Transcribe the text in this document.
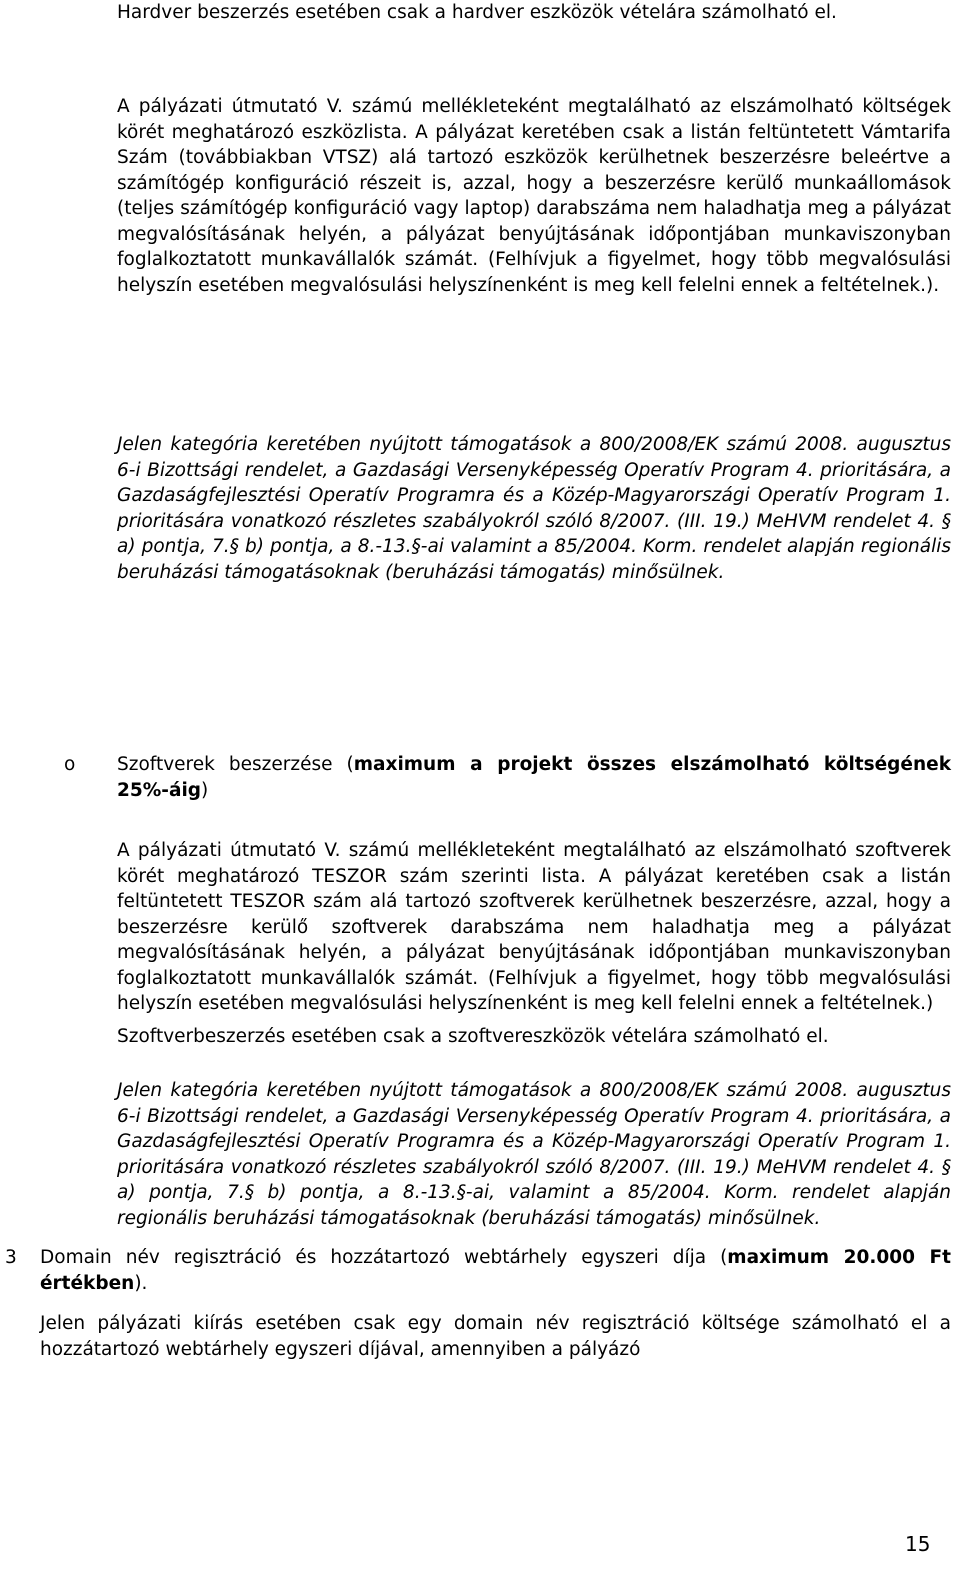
Hardver beszerzés esetében csak a hardver eszközök vételára számolható el.

A pályázati útmutató V. számú mellékleteként megtalálható az elszámolható költségek körét meghatározó eszközlista. A pályázat keretében csak a listán feltüntetett Vámtarifa Szám (továbbiakban VTSZ) alá tartozó eszközök kerülhetnek beszerzésre beleértve a számítógép konfiguráció részeit is, azzal, hogy a beszerzésre kerülő munkaállomások (teljes számítógép konfiguráció vagy laptop) darabszáma nem haladhatja meg a pályázat megvalósításának helyén, a pályázat benyújtásának időpontjában munkaviszonyban foglalkoztatott munkavállalók számát. (Felhívjuk a figyelmet, hogy több megvalósulási helyszín esetében megvalósulási helyszínenként is meg kell felelni ennek a feltételnek.).

Jelen kategória keretében nyújtott támogatások a 800/2008/EK számú 2008. augusztus 6-i Bizottsági rendelet, a Gazdasági Versenyképesség Operatív Program 4. prioritására, a Gazdaságfejlesztési Operatív Programra és a Közép-Magyarországi Operatív Program 1. prioritására vonatkozó részletes szabályokról szóló 8/2007. (III. 19.) MeHVM rendelet 4. § a) pontja, 7.§ b) pontja, a 8.-13.§-ai valamint a 85/2004. Korm. rendelet alapján regionális beruházási támogatásoknak (beruházási támogatás) minősülnek.

o Szoftverek beszerzése (maximum a projekt összes elszámolható költségének 25%-áig)

A pályázati útmutató V. számú mellékleteként megtalálható az elszámolható szoftverek körét meghatározó TESZOR szám szerinti lista. A pályázat keretében csak a listán feltüntetett TESZOR szám alá tartozó szoftverek kerülhetnek beszerzésre, azzal, hogy a beszerzésre kerülő szoftverek darabszáma nem haladhatja meg a pályázat megvalósításának helyén, a pályázat benyújtásának időpontjában munkaviszonyban foglalkoztatott munkavállalók számát. (Felhívjuk a figyelmet, hogy több megvalósulási helyszín esetében megvalósulási helyszínenként is meg kell felelni ennek a feltételnek.)

Szoftverbeszerzés esetében csak a szoftvereszközök vételára számolható el.

Jelen kategória keretében nyújtott támogatások a 800/2008/EK számú 2008. augusztus 6-i Bizottsági rendelet, a Gazdasági Versenyképesség Operatív Program 4. prioritására, a Gazdaságfejlesztési Operatív Programra és a Közép-Magyarországi Operatív Program 1. prioritására vonatkozó részletes szabályokról szóló 8/2007. (III. 19.) MeHVM rendelet 4. § a) pontja, 7.§ b) pontja, a 8.-13.§-ai, valamint a 85/2004. Korm. rendelet alapján regionális beruházási támogatásoknak (beruházási támogatás) minősülnek.

3 Domain név regisztráció és hozzátartozó webtárhely egyszeri díja (maximum 20.000 Ft értékben).

Jelen pályázati kiírás esetében csak egy domain név regisztráció költsége számolható el a hozzátartozó webtárhely egyszeri díjával, amennyiben a pályázó

15
